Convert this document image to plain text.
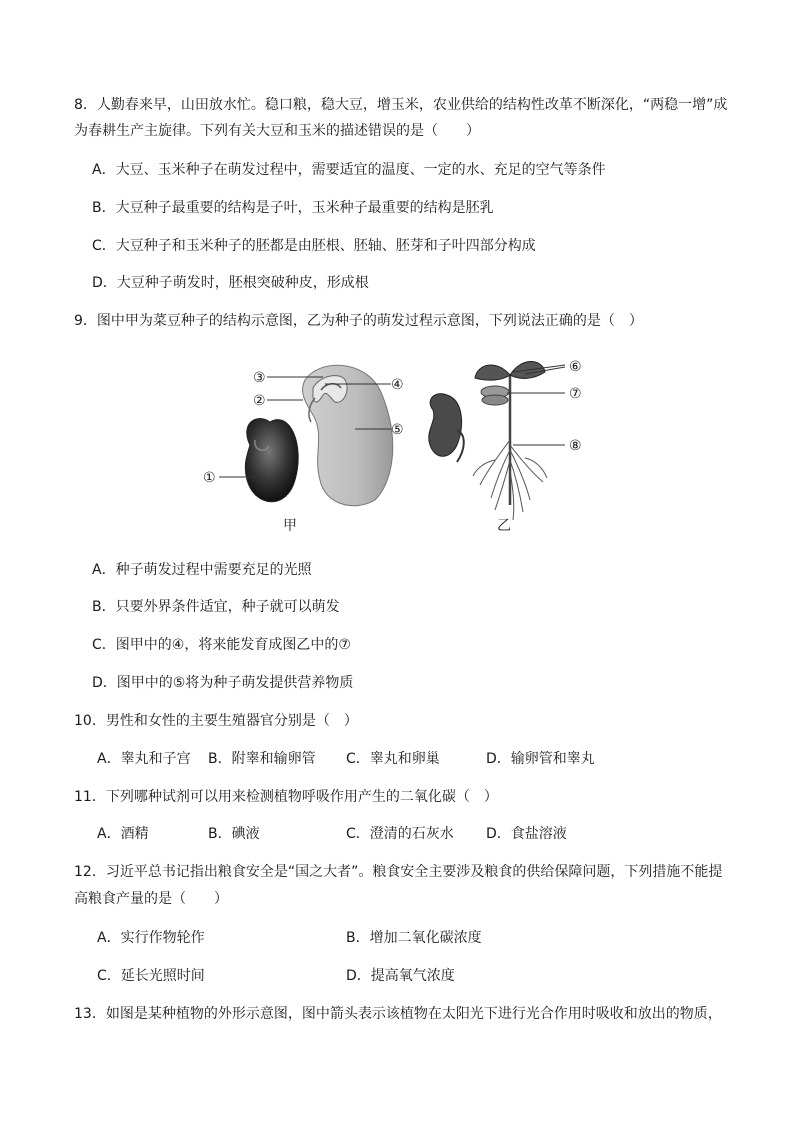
8．人勤春来早，山田放水忙。稳口粮，稳大豆，增玉米，农业供给的结构性改革不断深化，“两稳一增”成
为春耕生产主旋律。下列有关大豆和玉米的描述错误的是（　　）
A．大豆、玉米种子在萌发过程中，需要适宜的温度、一定的水、充足的空气等条件
B．大豆种子最重要的结构是子叶，玉米种子最重要的结构是胚乳
C．大豆种子和玉米种子的胚都是由胚根、胚轴、胚芽和子叶四部分构成
D．大豆种子萌发时，胚根突破种皮，形成根
9．图中甲为菜豆种子的结构示意图，乙为种子的萌发过程示意图，下列说法正确的是（　）
③
②
④
⑤
①
⑥
⑦
⑧
甲	乙
A．种子萌发过程中需要充足的光照
B．只要外界条件适宜，种子就可以萌发
C．图甲中的④，将来能发育成图乙中的⑦
D．图甲中的⑤将为种子萌发提供营养物质
10．男性和女性的主要生殖器官分别是（　）
A．睾丸和子宫 B．附睾和输卵管 C．睾丸和卵巢	D．输卵管和睾丸
11．下列哪种试剂可以用来检测植物呼吸作用产生的二氧化碳（　）
A．酒精	B．碘液	C．澄清的石灰水 D．食盐溶液
12．习近平总书记指出粮食安全是“国之大者”。粮食安全主要涉及粮食的供给保障问题，下列措施不能提
高粮食产量的是（　　）
A．实行作物轮作	B．增加二氧化碳浓度
C．延长光照时间	D．提高氧气浓度
13．如图是某种植物的外形示意图，图中箭头表示该植物在太阳光下进行光合作用时吸收和放出的物质，
